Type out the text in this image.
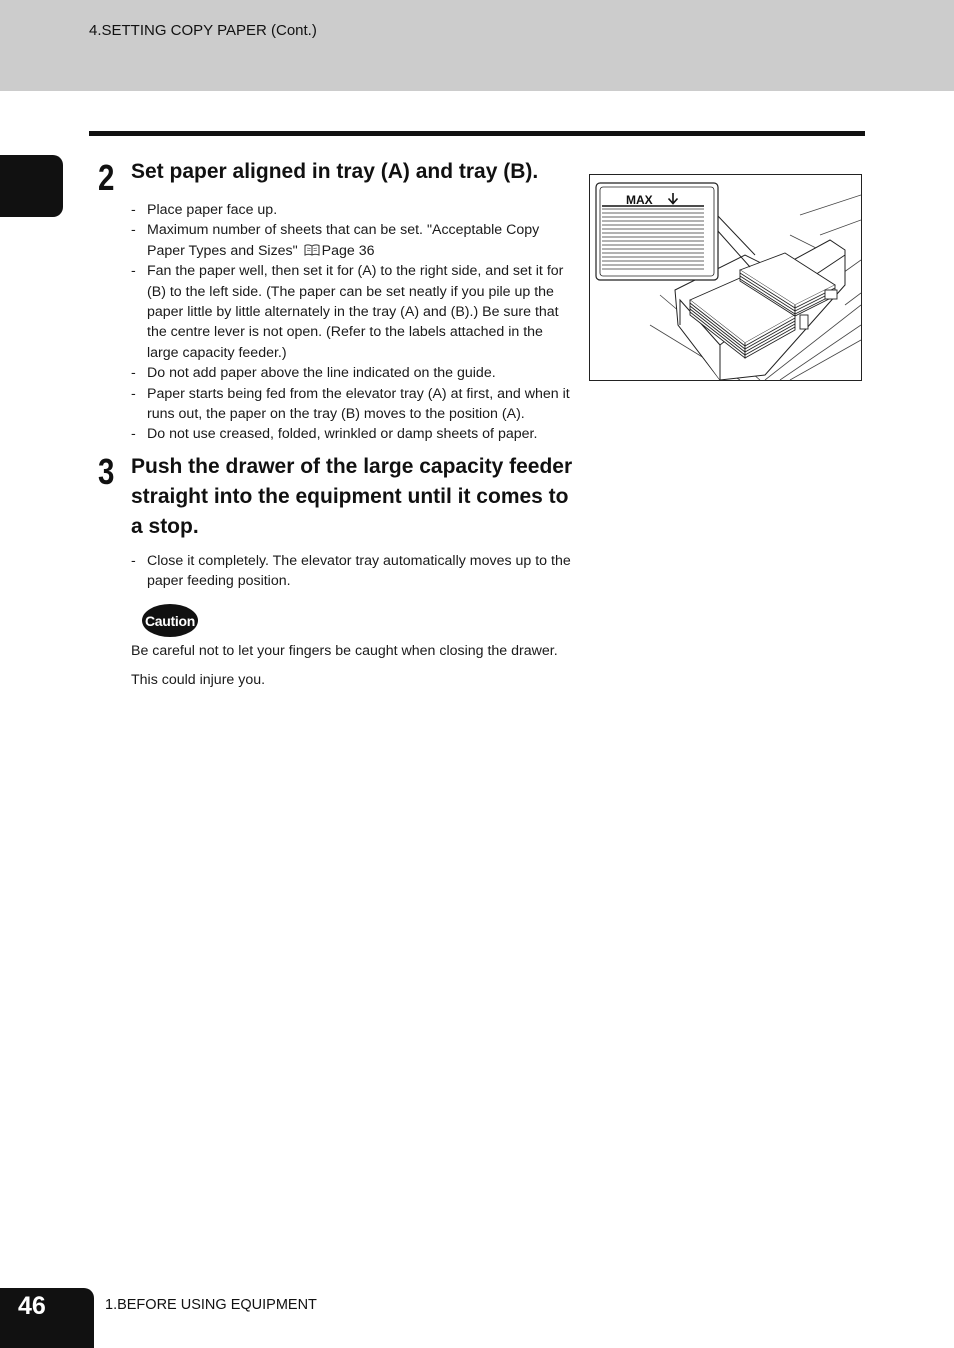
4.SETTING COPY PAPER (Cont.)
2 Set paper aligned in tray (A) and tray (B).
- Place paper face up.
- Maximum number of sheets that can be set. "Acceptable Copy Paper Types and Sizes" Page 36
- Fan the paper well, then set it for (A) to the right side, and set it for (B) to the left side. (The paper can be set neatly if you pile up the paper little by little alternately in the tray (A) and (B).) Be sure that the centre lever is not open. (Refer to the labels attached in the large capacity feeder.)
- Do not add paper above the line indicated on the guide.
- Paper starts being fed from the elevator tray (A) at first, and when it runs out, the paper on the tray (B) moves to the position (A).
- Do not use creased, folded, wrinkled or damp sheets of paper.
MAX
3 Push the drawer of the large capacity feeder straight into the equipment until it comes to a stop.
- Close it completely. The elevator tray automatically moves up to the paper feeding position.
Caution
Be careful not to let your fingers be caught when closing the drawer.
This could injure you.
46	1.BEFORE USING EQUIPMENT
